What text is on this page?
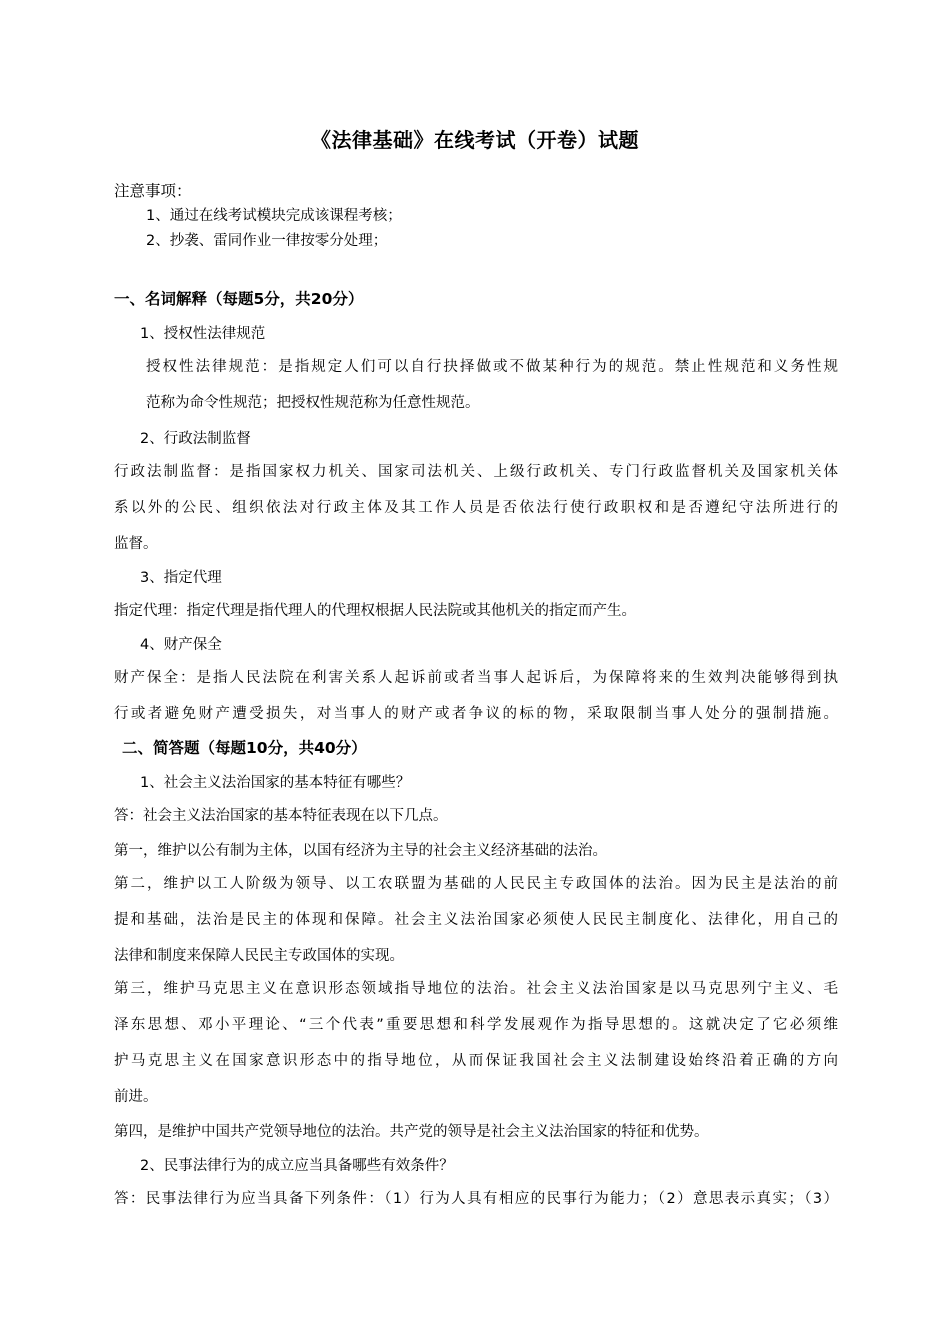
《法律基础》在线考试（开卷）试题
注意事项：
1、通过在线考试模块完成该课程考核；
2、抄袭、雷同作业一律按零分处理；
一、名词解释（每题5分，共20分）
1、授权性法律规范
授权性法律规范：是指规定人们可以自行抉择做或不做某种行为的规范。禁止性规范和义务性规
范称为命令性规范；把授权性规范称为任意性规范。
2、行政法制监督
行政法制监督：是指国家权力机关、国家司法机关、上级行政机关、专门行政监督机关及国家机关体
系以外的公民、组织依法对行政主体及其工作人员是否依法行使行政职权和是否遵纪守法所进行的
监督。
3、指定代理
指定代理：指定代理是指代理人的代理权根据人民法院或其他机关的指定而产生。
4、财产保全
财产保全：是指人民法院在利害关系人起诉前或者当事人起诉后，为保障将来的生效判决能够得到执
行或者避免财产遭受损失，对当事人的财产或者争议的标的物，采取限制当事人处分的强制措施。
二、简答题（每题10分，共40分）
1、社会主义法治国家的基本特征有哪些？
答：社会主义法治国家的基本特征表现在以下几点。
第一，维护以公有制为主体，以国有经济为主导的社会主义经济基础的法治。
第二，维护以工人阶级为领导、以工农联盟为基础的人民民主专政国体的法治。因为民主是法治的前
提和基础，法治是民主的体现和保障。社会主义法治国家必须使人民民主制度化、法律化，用自己的
法律和制度来保障人民民主专政国体的实现。
第三，维护马克思主义在意识形态领域指导地位的法治。社会主义法治国家是以马克思列宁主义、毛
泽东思想、邓小平理论、“三个代表”重要思想和科学发展观作为指导思想的。这就决定了它必须维
护马克思主义在国家意识形态中的指导地位，从而保证我国社会主义法制建设始终沿着正确的方向
前进。
第四，是维护中国共产党领导地位的法治。共产党的领导是社会主义法治国家的特征和优势。
2、民事法律行为的成立应当具备哪些有效条件？
答：民事法律行为应当具备下列条件：（1）行为人具有相应的民事行为能力；（2）意思表示真实；（3）
